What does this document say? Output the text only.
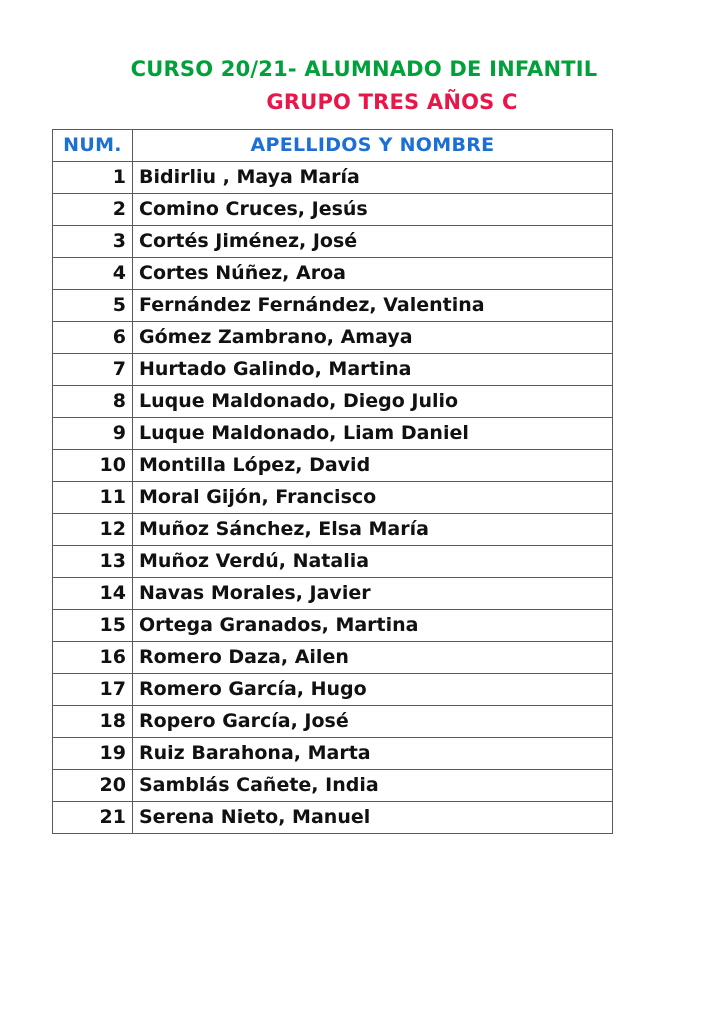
CURSO 20/21- ALUMNADO DE INFANTIL
GRUPO TRES AÑOS C
NUM.	APELLIDOS Y NOMBRE
1	Bidirliu , Maya María
2	Comino Cruces, Jesús
3	Cortés Jiménez, José
4	Cortes Núñez, Aroa
5	Fernández Fernández, Valentina
6	Gómez Zambrano, Amaya
7	Hurtado Galindo, Martina
8	Luque Maldonado, Diego Julio
9	Luque Maldonado, Liam Daniel
10	Montilla López, David
11	Moral Gijón, Francisco
12	Muñoz Sánchez, Elsa María
13	Muñoz Verdú, Natalia
14	Navas Morales, Javier
15	Ortega Granados, Martina
16	Romero Daza, Ailen
17	Romero García, Hugo
18	Ropero García, José
19	Ruiz Barahona, Marta
20	Samblás Cañete, India
21	Serena Nieto, Manuel
